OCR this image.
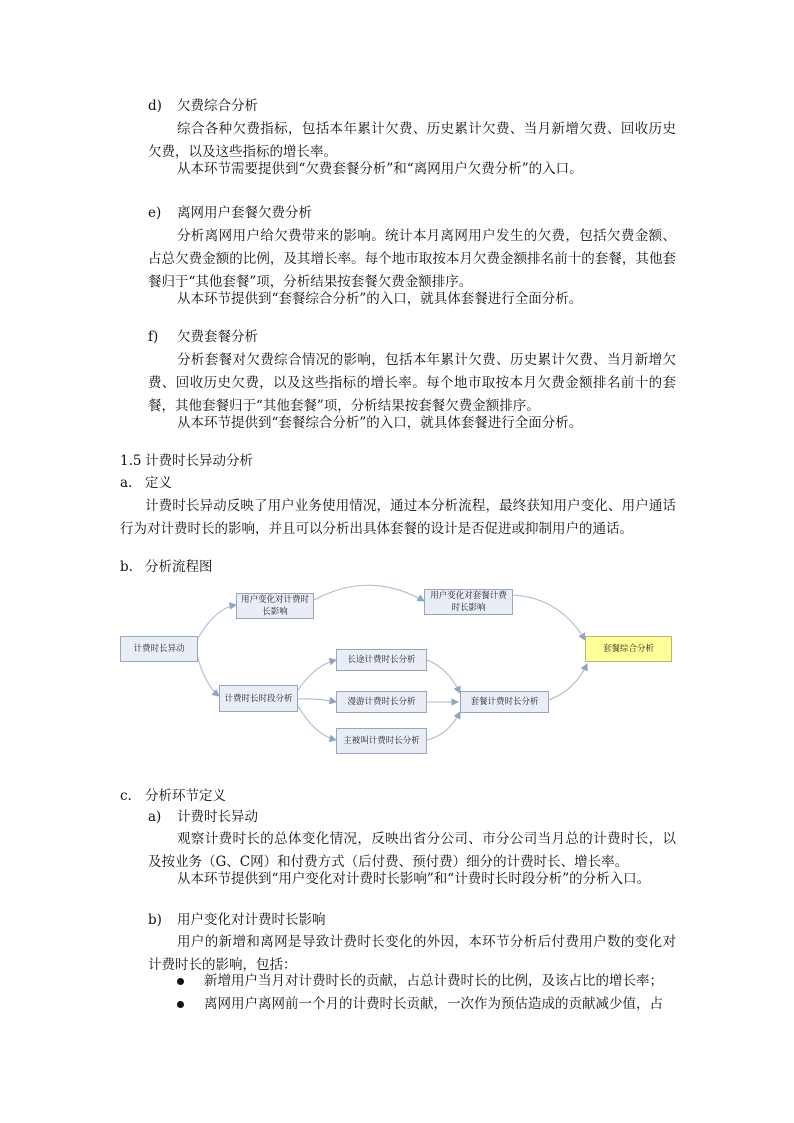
d) 欠费综合分析
综合各种欠费指标，包括本年累计欠费、历史累计欠费、当月新增欠费、回收历史欠费，以及这些指标的增长率。
从本环节需要提供到“欠费套餐分析”和“离网用户欠费分析”的入口。
e) 离网用户套餐欠费分析
分析离网用户给欠费带来的影响。统计本月离网用户发生的欠费，包括欠费金额、占总欠费金额的比例，及其增长率。每个地市取按本月欠费金额排名前十的套餐，其他套餐归于“其他套餐”项，分析结果按套餐欠费金额排序。
从本环节提供到“套餐综合分析”的入口，就具体套餐进行全面分析。
f) 欠费套餐分析
分析套餐对欠费综合情况的影响，包括本年累计欠费、历史累计欠费、当月新增欠费、回收历史欠费，以及这些指标的增长率。每个地市取按本月欠费金额排名前十的套餐，其他套餐归于“其他套餐”项，分析结果按套餐欠费金额排序。
从本环节提供到“套餐综合分析”的入口，就具体套餐进行全面分析。
1.5 计费时长异动分析
a. 定义
计费时长异动反映了用户业务使用情况，通过本分析流程，最终获知用户变化、用户通话行为对计费时长的影响，并且可以分析出具体套餐的设计是否促进或抑制用户的通话。
b. 分析流程图
计费时长异动
用户变化对计费时长影响
用户变化对套餐计费时长影响
计费时长时段分析
长途计费时长分析
漫游计费时长分析
主被叫计费时长分析
套餐计费时长分析
套餐综合分析
c. 分析环节定义
a) 计费时长异动
观察计费时长的总体变化情况，反映出省分公司、市分公司当月总的计费时长，以及按业务（G、C网）和付费方式（后付费、预付费）细分的计费时长、增长率。
从本环节提供到“用户变化对计费时长影响”和“计费时长时段分析”的分析入口。
b) 用户变化对计费时长影响
用户的新增和离网是导致计费时长变化的外因，本环节分析后付费用户数的变化对计费时长的影响，包括：
新增用户当月对计费时长的贡献，占总计费时长的比例，及该占比的增长率；
离网用户离网前一个月的计费时长贡献，一次作为预估造成的贡献减少值，占
